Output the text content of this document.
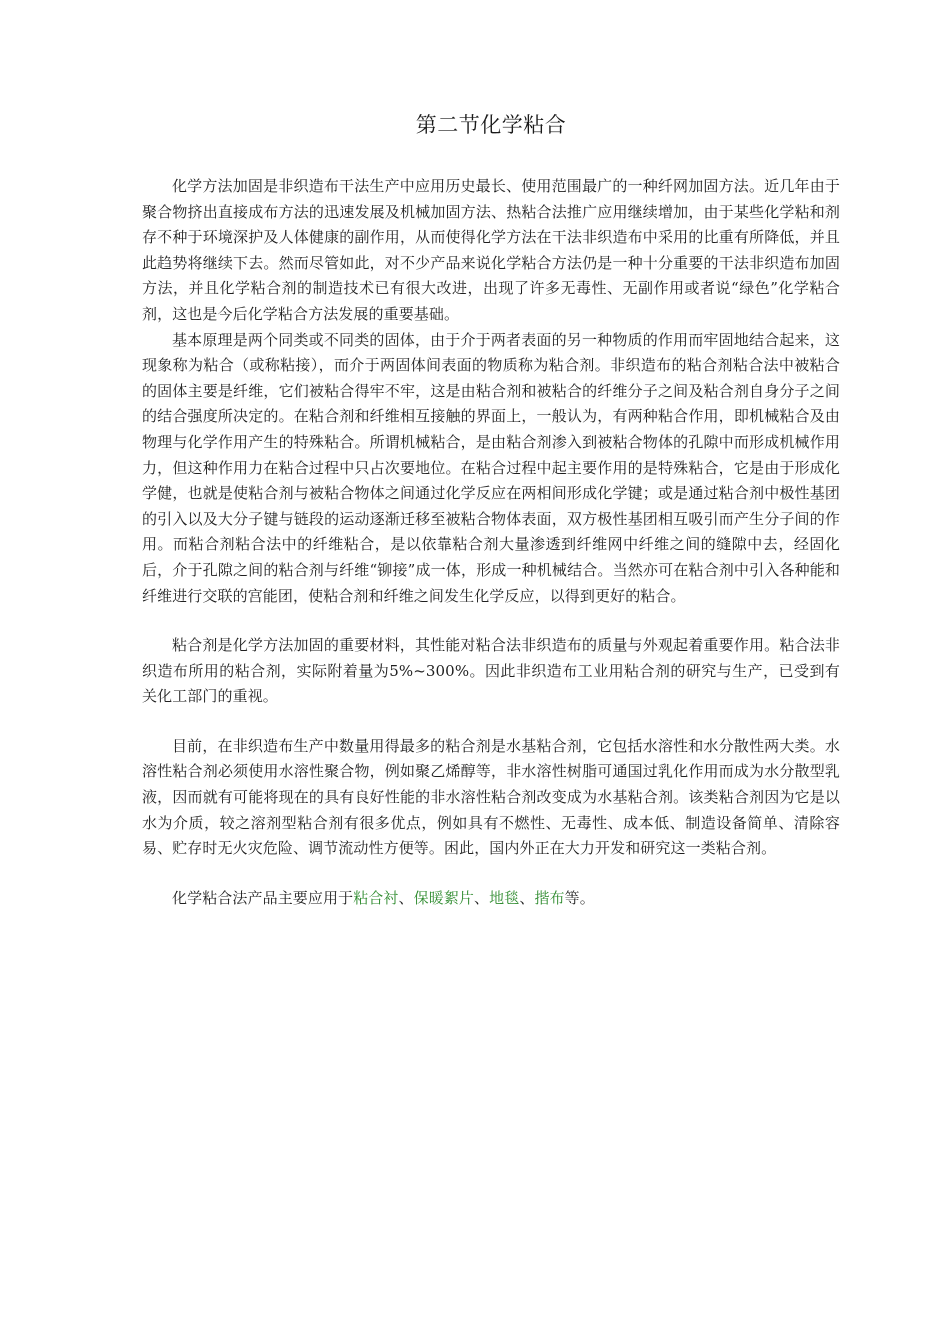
第二节化学粘合

化学方法加固是非织造布干法生产中应用历史最长、使用范围最广的一种纤网加固方法。近几年由于聚合物挤出直接成布方法的迅速发展及机械加固方法、热粘合法推广应用继续增加，由于某些化学粘和剂存不种于环境深护及人体健康的副作用，从而使得化学方法在干法非织造布中采用的比重有所降低，并且此趋势将继续下去。然而尽管如此，对不少产品来说化学粘合方法仍是一种十分重要的干法非织造布加固方法，并且化学粘合剂的制造技术已有很大改进，出现了许多无毒性、无副作用或者说“绿色”化学粘合剂，这也是今后化学粘合方法发展的重要基础。

基本原理是两个同类或不同类的固体，由于介于两者表面的另一种物质的作用而牢固地结合起来，这现象称为粘合（或称粘接），而介于两固体间表面的物质称为粘合剂。非织造布的粘合剂粘合法中被粘合的固体主要是纤维，它们被粘合得牢不牢，这是由粘合剂和被粘合的纤维分子之间及粘合剂自身分子之间的结合强度所决定的。在粘合剂和纤维相互接触的界面上，一般认为，有两种粘合作用，即机械粘合及由物理与化学作用产生的特殊粘合。所谓机械粘合，是由粘合剂渗入到被粘合物体的孔隙中而形成机械作用力，但这种作用力在粘合过程中只占次要地位。在粘合过程中起主要作用的是特殊粘合，它是由于形成化学健，也就是使粘合剂与被粘合物体之间通过化学反应在两相间形成化学键；或是通过粘合剂中极性基团的引入以及大分子键与链段的运动逐渐迁移至被粘合物体表面，双方极性基团相互吸引而产生分子间的作用。而粘合剂粘合法中的纤维粘合，是以依靠粘合剂大量渗透到纤维网中纤维之间的缝隙中去，经固化后，介于孔隙之间的粘合剂与纤维“铆接”成一体，形成一种机械结合。当然亦可在粘合剂中引入各种能和纤维进行交联的宫能团，使粘合剂和纤维之间发生化学反应，以得到更好的粘合。

粘合剂是化学方法加固的重要材料，其性能对粘合法非织造布的质量与外观起着重要作用。粘合法非织造布所用的粘合剂，实际附着量为5%~300%。因此非织造布工业用粘合剂的研究与生产，已受到有关化工部门的重视。

目前，在非织造布生产中数量用得最多的粘合剂是水基粘合剂，它包括水溶性和水分散性两大类。水溶性粘合剂必须使用水溶性聚合物，例如聚乙烯醇等，非水溶性树脂可通国过乳化作用而成为水分散型乳液，因而就有可能将现在的具有良好性能的非水溶性粘合剂改变成为水基粘合剂。该类粘合剂因为它是以水为介质，较之溶剂型粘合剂有很多优点，例如具有不燃性、无毒性、成本低、制造设备简单、清除容易、贮存时无火灾危险、调节流动性方便等。困此，国内外正在大力开发和研究这一类粘合剂。

化学粘合法产品主要应用于粘合衬、保暖絮片、地毯、揩布等。
